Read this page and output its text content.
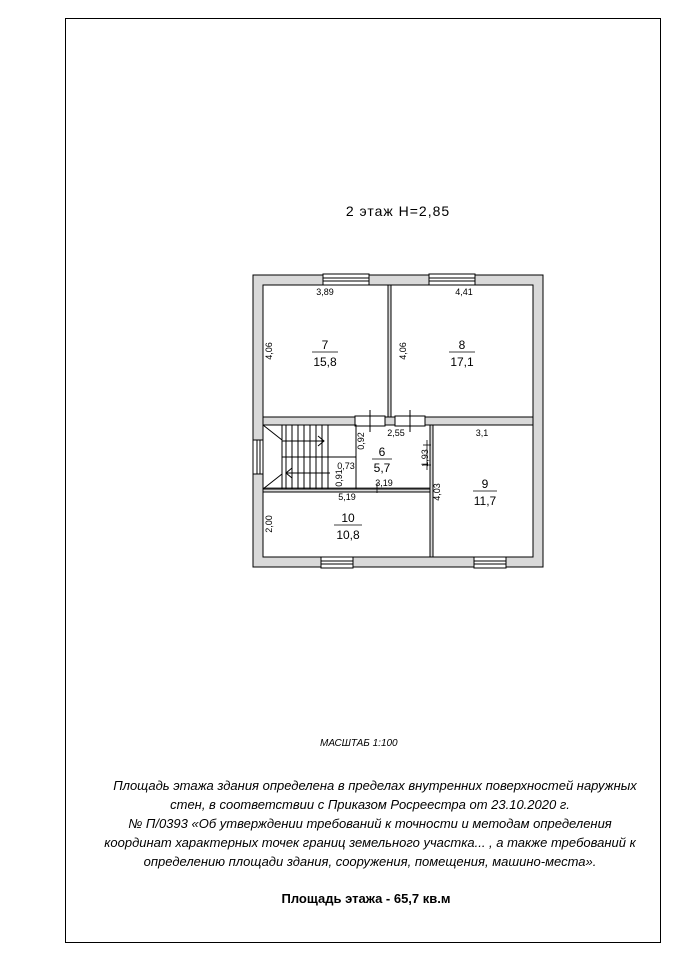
2 этаж H=2,85
7
15,8
8
17,1
6
5,7
9
11,7
10
10,8
3,89	4,41
4,06	4,06
2,55
0,92
0,73
0,91	3,19
1,93
3,1
4,03
5,19
2,00
МАСШТАБ 1:100

Площадь этажа здания определена в пределах внутренних поверхностей наружных

стен, в соответствии с Приказом Росреестра от 23.10.2020 г.

№ П/0393 «Об утверждении требований к точности и методам определения

координат характерных точек границ земельного участка... , а также требований к

определению площади здания, сооружения, помещения, машино-места».

Площадь этажа - 65,7 кв.м
